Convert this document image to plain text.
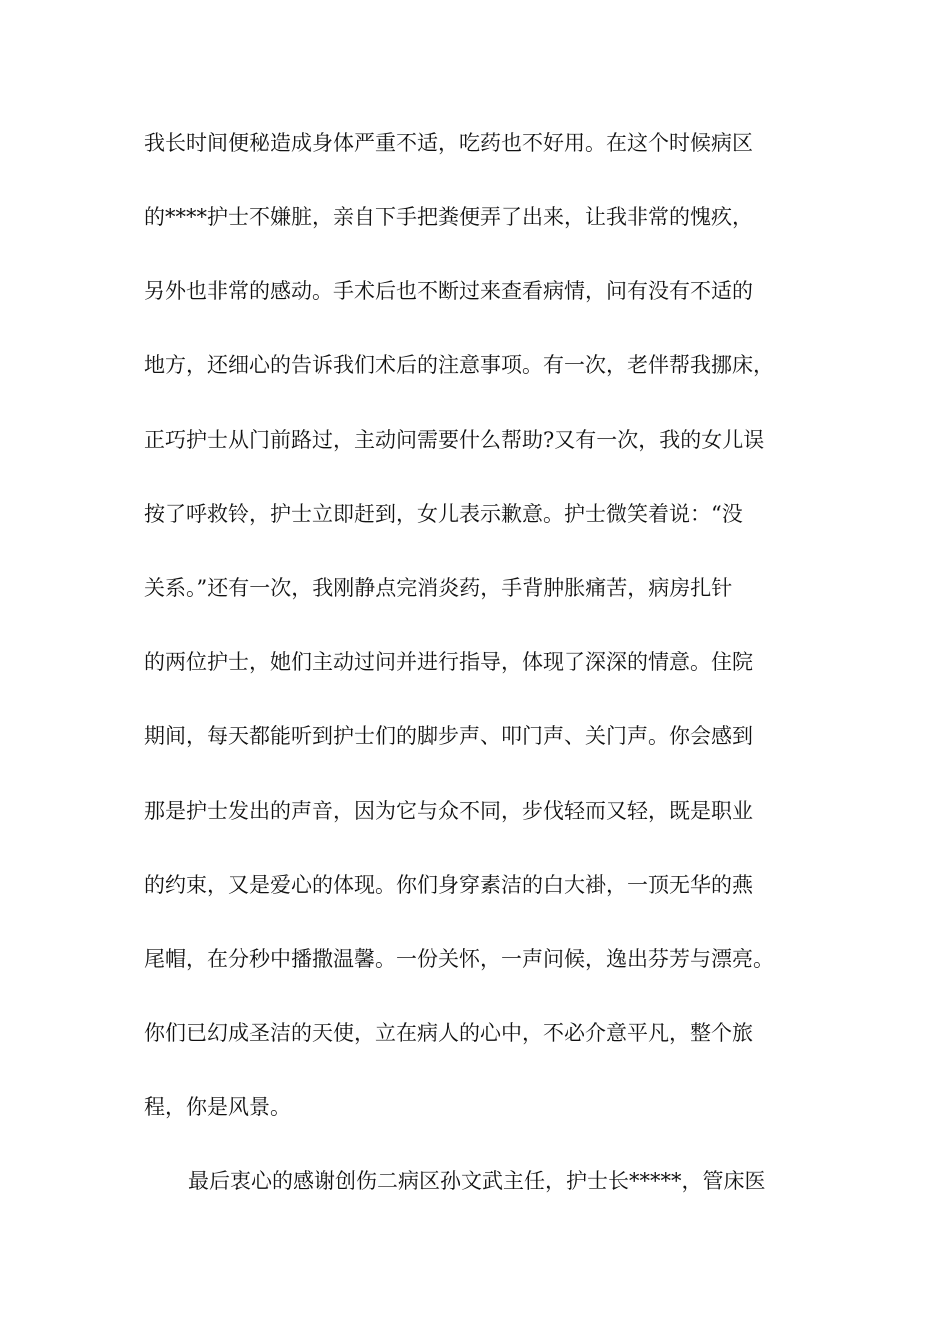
我长时间便秘造成身体严重不适，吃药也不好用。在这个时候病区
的****护士不嫌脏，亲自下手把粪便弄了出来，让我非常的愧疚，
另外也非常的感动。手术后也不断过来查看病情，问有没有不适的
地方，还细心的告诉我们术后的注意事项。有一次，老伴帮我挪床，
正巧护士从门前路过，主动问需要什么帮助?又有一次，我的女儿误
按了呼救铃，护士立即赶到，女儿表示歉意。护士微笑着说：“没
关系。”还有一次，我刚静点完消炎药，手背肿胀痛苦，病房扎针
的两位护士，她们主动过问并进行指导，体现了深深的情意。住院
期间，每天都能听到护士们的脚步声、叩门声、关门声。你会感到
那是护士发出的声音，因为它与众不同，步伐轻而又轻，既是职业
的约束，又是爱心的体现。你们身穿素洁的白大褂，一顶无华的燕
尾帽，在分秒中播撒温馨。一份关怀，一声问候，逸出芬芳与漂亮。
你们已幻成圣洁的天使，立在病人的心中，不必介意平凡，整个旅
程，你是风景。
最后衷心的感谢创伤二病区孙文武主任，护士长*****，管床医
